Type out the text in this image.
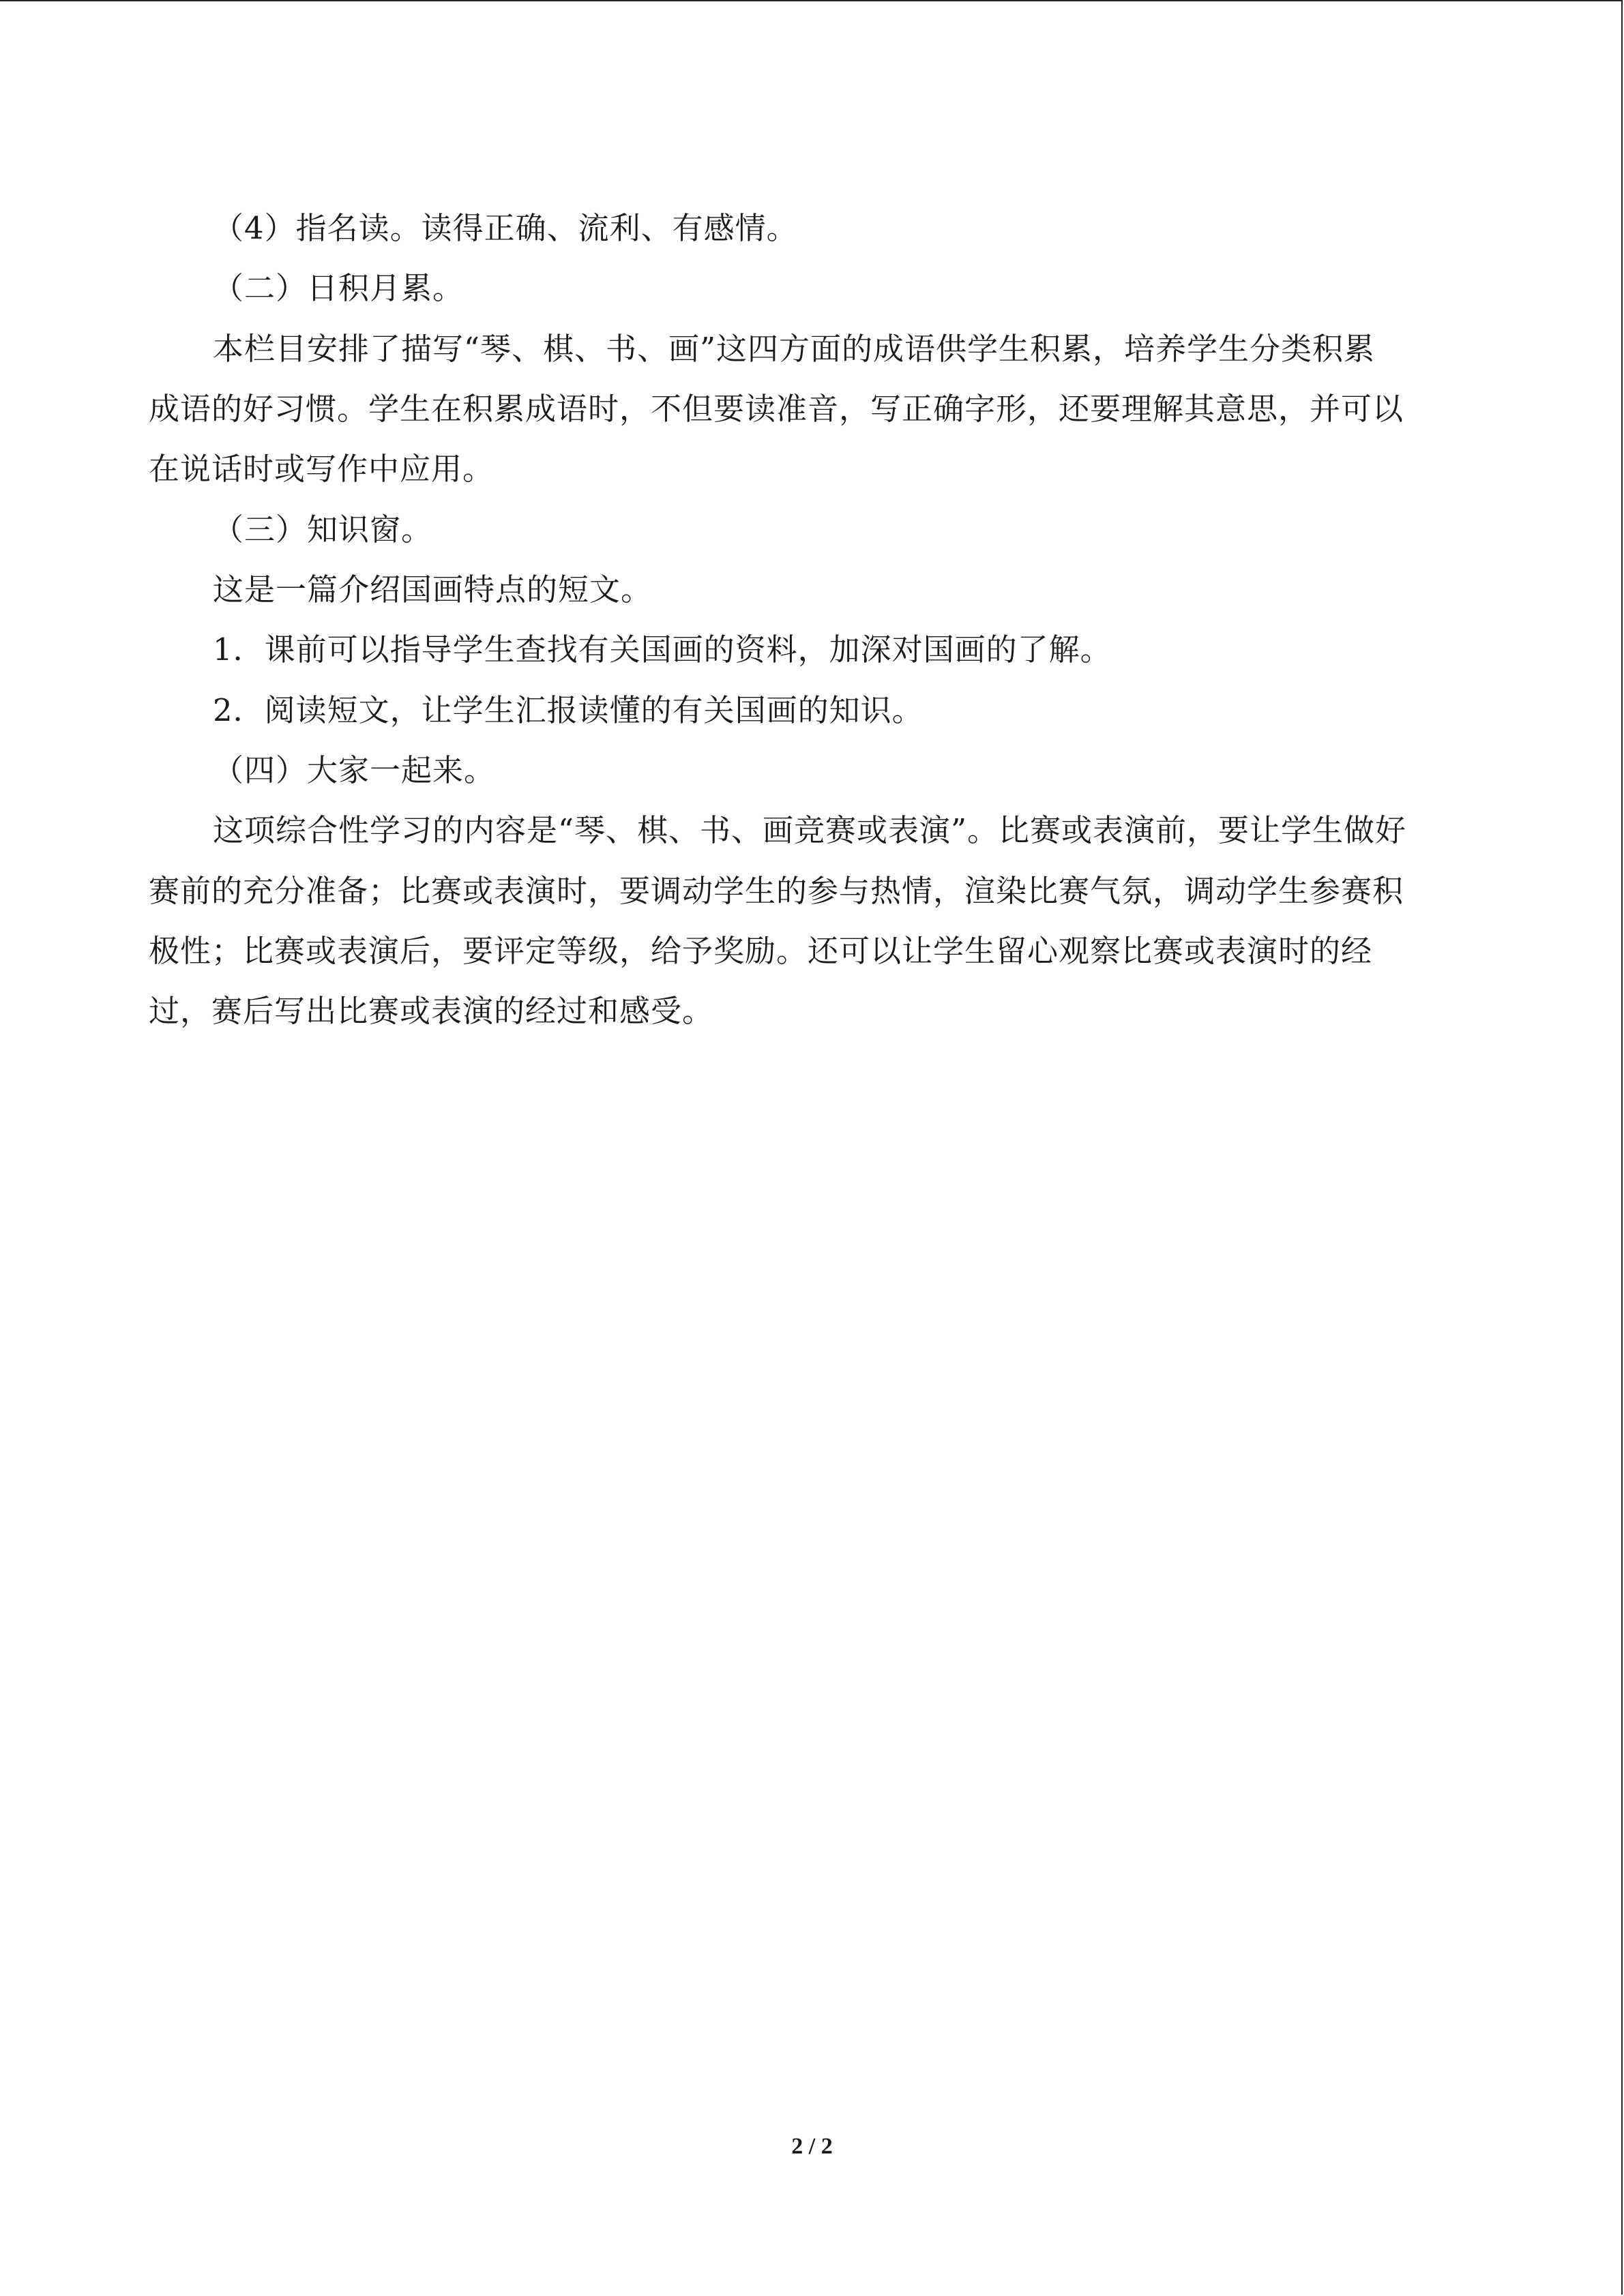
（4）指名读。读得正确、流利、有感情。
（二）日积月累。
本栏目安排了描写“琴、棋、书、画”这四方面的成语供学生积累，培养学生分类积累
成语的好习惯。学生在积累成语时，不但要读准音，写正确字形，还要理解其意思，并可以
在说话时或写作中应用。
（三）知识窗。
这是一篇介绍国画特点的短文。
1．课前可以指导学生查找有关国画的资料，加深对国画的了解。
2．阅读短文，让学生汇报读懂的有关国画的知识。
（四）大家一起来。
这项综合性学习的内容是“琴、棋、书、画竞赛或表演”。比赛或表演前，要让学生做好
赛前的充分准备；比赛或表演时，要调动学生的参与热情，渲染比赛气氛，调动学生参赛积
极性；比赛或表演后，要评定等级，给予奖励。还可以让学生留心观察比赛或表演时的经
过，赛后写出比赛或表演的经过和感受。
2 / 2
